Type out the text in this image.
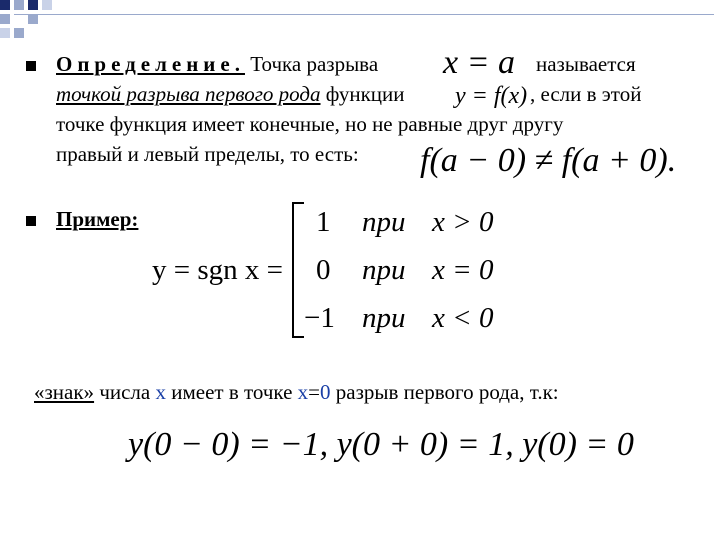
Определение. Точка разрыва x = a называется
точкой разрыва первого рода функции y = f(x) , если в этой
точке функция имеет конечные, но не равные друг другу
правый и левый пределы, то есть: f(a − 0) ≠ f(a + 0).
Пример:
y = sgn x =
1 при x > 0
0 при x = 0
−1 при x < 0
«знак» числа x имеет в точке x=0 разрыв первого рода, т.к:
y(0 − 0) = −1, y(0 + 0) = 1, y(0) = 0
